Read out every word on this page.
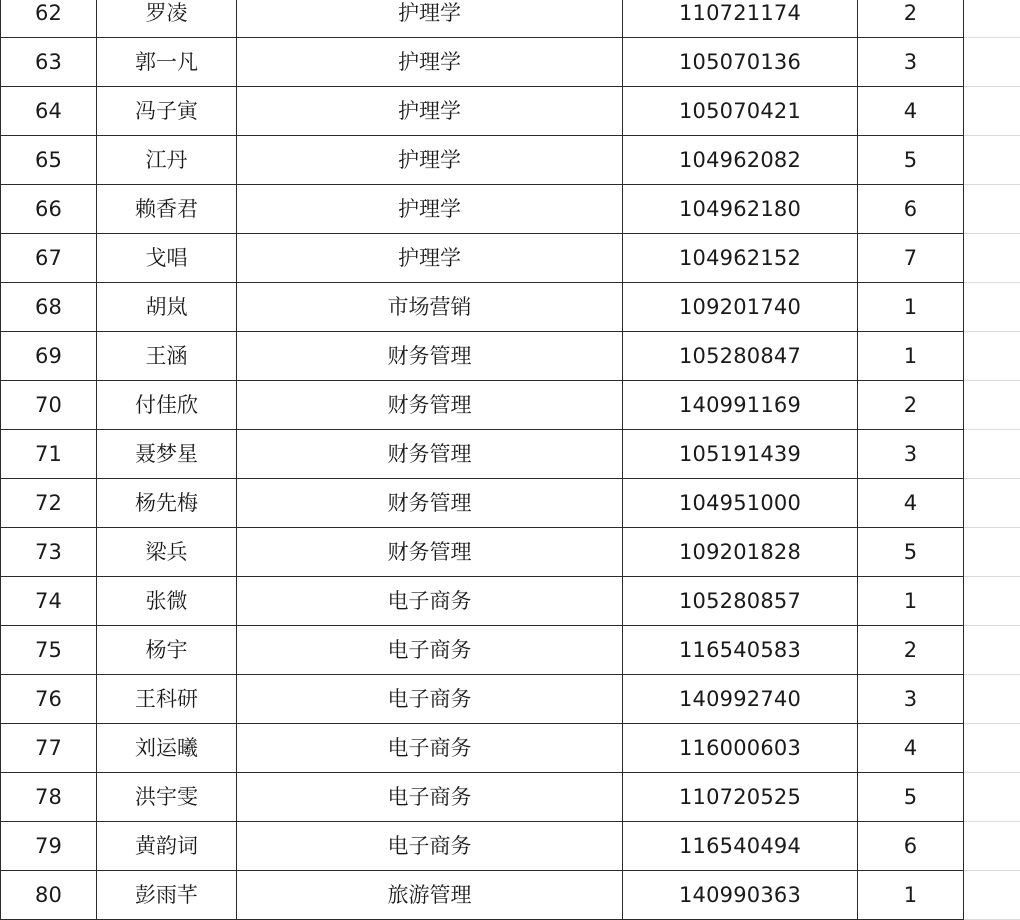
62	罗凌	护理学	110721174	2	
63	郭一凡	护理学	105070136	3	
64	冯子寅	护理学	105070421	4	
65	江丹	护理学	104962082	5	
66	赖香君	护理学	104962180	6	
67	戈唱	护理学	104962152	7	
68	胡岚	市场营销	109201740	1	
69	王涵	财务管理	105280847	1	
70	付佳欣	财务管理	140991169	2	
71	聂梦星	财务管理	105191439	3	
72	杨先梅	财务管理	104951000	4	
73	梁兵	财务管理	109201828	5	
74	张微	电子商务	105280857	1	
75	杨宇	电子商务	116540583	2	
76	王科研	电子商务	140992740	3	
77	刘运曦	电子商务	116000603	4	
78	洪宇雯	电子商务	110720525	5	
79	黄韵词	电子商务	116540494	6	
80	彭雨芊	旅游管理	140990363	1	
